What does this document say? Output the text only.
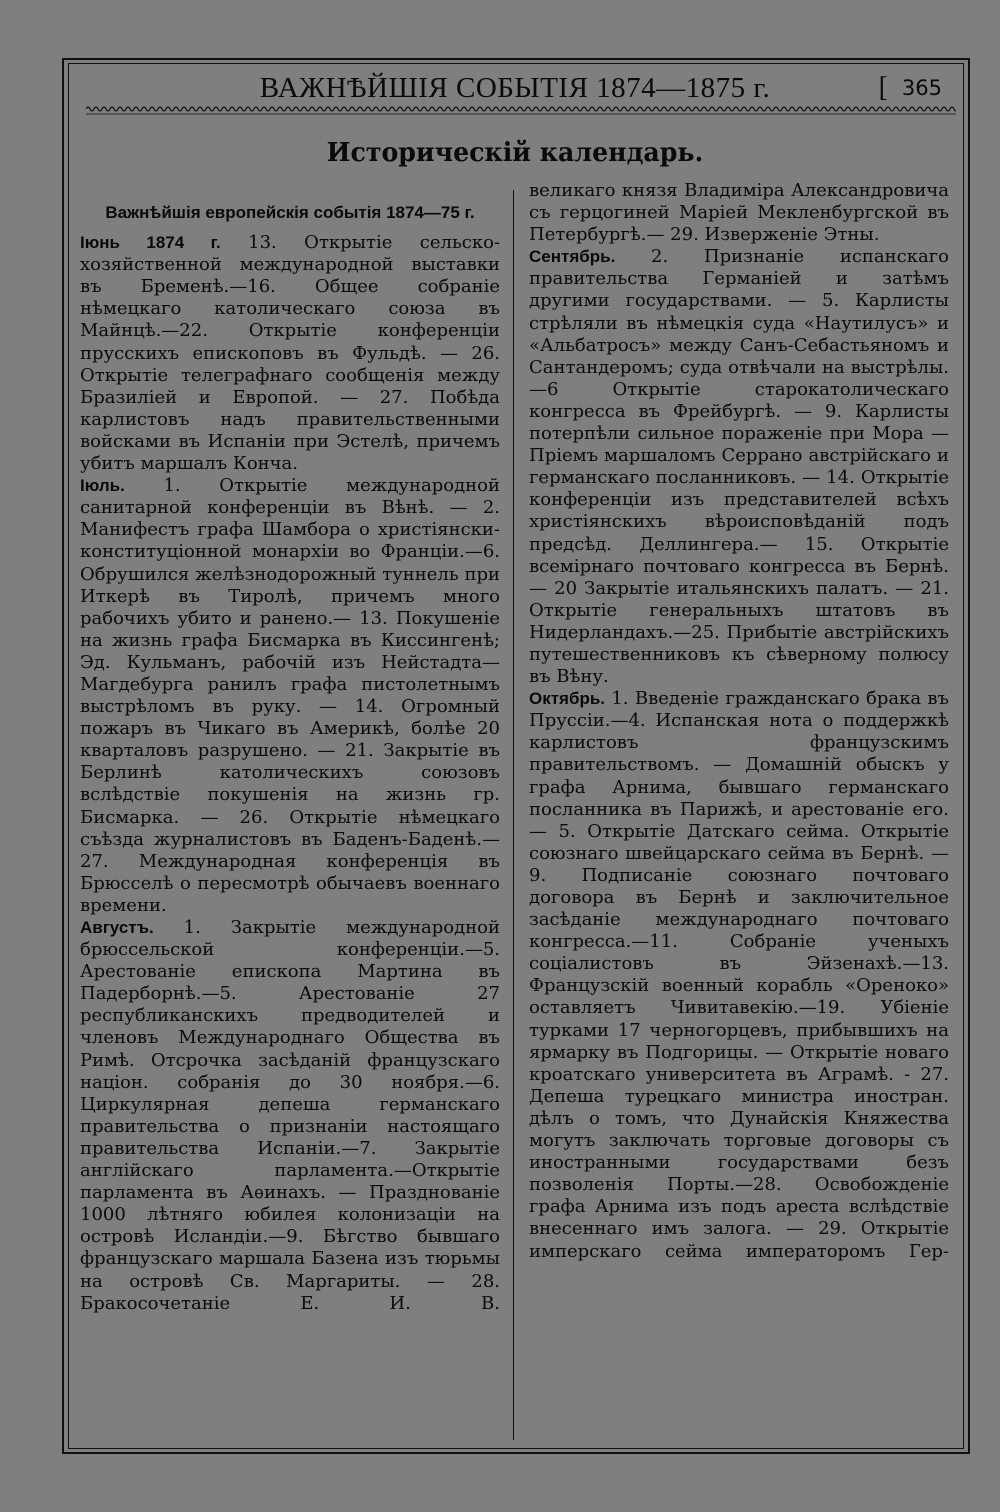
ВАЖНѢЙШІЯ СОБЫТІЯ 1874—1875 г.	[ 365
Историческій календарь.

Важнѣйшія европейскія событія 1874—75 г.

Іюнь 1874 г. 13. Открытіе сельско-хозяйственной международной выставки въ Бременѣ.—16. Общее собраніе нѣмецкаго католическаго союза въ Майнцѣ.—22. Открытіе конференціи прусскихъ епископовъ въ Фульдѣ. — 26. Открытіе телеграфнаго сообщенія между Бразиліей и Европой. — 27. Побѣда карлистовъ надъ правительственными войсками въ Испаніи при Эстелѣ, причемъ убитъ маршалъ Конча.

Іюль. 1. Открытіе международной санитарной конференціи въ Вѣнѣ. — 2. Манифестъ графа Шамбора о христіянски-конституціонной монархіи во Франціи.—6. Обрушился желѣзнодорожный туннель при Иткерѣ въ Тиролѣ, причемъ много рабочихъ убито и ранено.— 13. Покушеніе на жизнь графа Бисмарка въ Киссингенѣ; Эд. Кульманъ, рабочій изъ Нейстадта—Магдебурга ранилъ графа пистолетнымъ выстрѣломъ въ руку. — 14. Огромный пожаръ въ Чикаго въ Америкѣ, болѣе 20 кварталовъ разрушено. — 21. Закрытіе въ Берлинѣ католическихъ союзовъ вслѣдствіе покушенія на жизнь гр. Бисмарка. — 26. Открытіе нѣмецкаго съѣзда журналистовъ въ Баденъ-Баденѣ.—27. Международная конференція въ Брюсселѣ о пересмотрѣ обычаевъ военнаго времени.

Августъ. 1. Закрытіе международной брюссельской конференціи.—5. Арестованіе епископа Мартина въ Падерборнѣ.—5. Арестованіе 27 республиканскихъ предводителей и членовъ Международнаго Общества въ Римѣ. Отсрочка засѣданій французскаго націон. собранія до 30 ноября.—6. Циркулярная депеша германскаго правительства о признаніи настоящаго правительства Испаніи.—7. Закрытіе англійскаго парламента.—Открытіе парламента въ Аѳинахъ. — Празднованіе 1000 лѣтняго юбилея колонизаціи на островѣ Исландіи.—9. Бѣгство бывшаго французскаго маршала Базена изъ тюрьмы на островѣ Св. Маргариты. — 28. Бракосочетаніе Е. И. В.

великаго князя Владиміра Александровича съ герцогиней Маріей Мекленбургской въ Петербургѣ.— 29. Изверженіе Этны.

Сентябрь. 2. Признаніе испанскаго правительства Германіей и затѣмъ другими государствами. — 5. Карлисты стрѣляли въ нѣмецкія суда «Наутилусъ» и «Альбатросъ» между Санъ-Себастьяномъ и Сантандеромъ; суда отвѣчали на выстрѣлы.—6 Открытіе старокатолическаго конгресса въ Фрейбургѣ. — 9. Карлисты потерпѣли сильное пораженіе при Мора — Пріемъ маршаломъ Серрано австрійскаго и германскаго посланниковъ. — 14. Открытіе конференціи изъ представителей всѣхъ христіянскихъ вѣроисповѣданій подъ предсѣд. Деллингера.— 15. Открытіе всемірнаго почтоваго конгресса въ Бернѣ. — 20 Закрытіе итальянскихъ палатъ. — 21. Открытіе генеральныхъ штатовъ въ Нидерландахъ.—25. Прибытіе австрійскихъ путешественниковъ къ сѣверному полюсу въ Вѣну.

Октябрь. 1. Введеніе гражданскаго брака въ Пруссіи.—4. Испанская нота о поддержкѣ карлистовъ французскимъ правительствомъ. — Домашній обыскъ у графа Арнима, бывшаго германскаго посланника въ Парижѣ, и арестованіе его. — 5. Открытіе Датскаго сейма. Открытіе союзнаго швейцарскаго сейма въ Бернѣ. — 9. Подписаніе союзнаго почтоваго договора въ Бернѣ и заключительное засѣданіе международнаго почтоваго конгресса.—11. Собраніе ученыхъ соціалистовъ въ Эйзенахѣ.—13. Французскій военный корабль «Ореноко» оставляетъ Чивитавекію.—19. Убіеніе турками 17 черногорцевъ, прибывшихъ на ярмарку въ Подгорицы. — Открытіе новаго кроатскаго университета въ Аграмѣ. - 27. Депеша турецкаго министра иностран. дѣлъ о томъ, что Дунайскія Княжества могутъ заключать торговые договоры съ иностранными государствами безъ позволенія Порты.—28. Освобожденіе графа Арнима изъ подъ ареста вслѣдствіе внесеннаго имъ залога. — 29. Открытіе имперскаго сейма императоромъ Гер-
